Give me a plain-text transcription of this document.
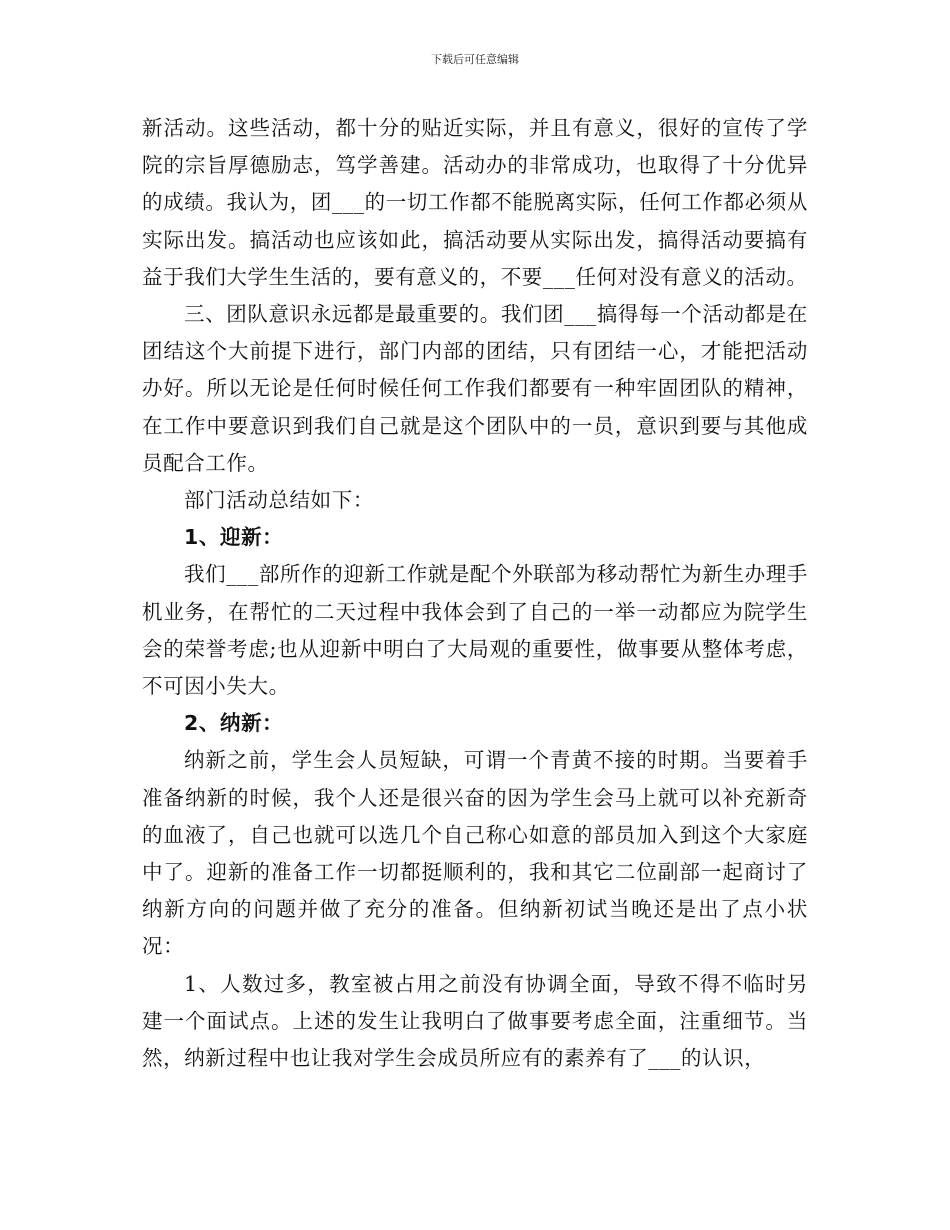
下载后可任意编辑

新活动。这些活动，都十分的贴近实际，并且有意义，很好的宣传了学院的宗旨厚德励志，笃学善建。活动办的非常成功，也取得了十分优异的成绩。我认为，团___的一切工作都不能脱离实际，任何工作都必须从实际出发。搞活动也应该如此，搞活动要从实际出发，搞得活动要搞有益于我们大学生生活的，要有意义的，不要___任何对没有意义的活动。

三、团队意识永远都是最重要的。我们团___搞得每一个活动都是在团结这个大前提下进行，部门内部的团结，只有团结一心，才能把活动办好。所以无论是任何时候任何工作我们都要有一种牢固团队的精神，在工作中要意识到我们自己就是这个团队中的一员，意识到要与其他成员配合工作。

部门活动总结如下：

1、迎新：

我们___部所作的迎新工作就是配个外联部为移动帮忙为新生办理手机业务，在帮忙的二天过程中我体会到了自己的一举一动都应为院学生会的荣誉考虑;也从迎新中明白了大局观的重要性，做事要从整体考虑，不可因小失大。

2、纳新：

纳新之前，学生会人员短缺，可谓一个青黄不接的时期。当要着手准备纳新的时候，我个人还是很兴奋的因为学生会马上就可以补充新奇的血液了，自己也就可以选几个自己称心如意的部员加入到这个大家庭中了。迎新的准备工作一切都挺顺利的，我和其它二位副部一起商讨了纳新方向的问题并做了充分的准备。但纳新初试当晚还是出了点小状况：

1、人数过多，教室被占用之前没有协调全面，导致不得不临时另建一个面试点。上述的发生让我明白了做事要考虑全面，注重细节。当然，纳新过程中也让我对学生会成员所应有的素养有了___的认识，
